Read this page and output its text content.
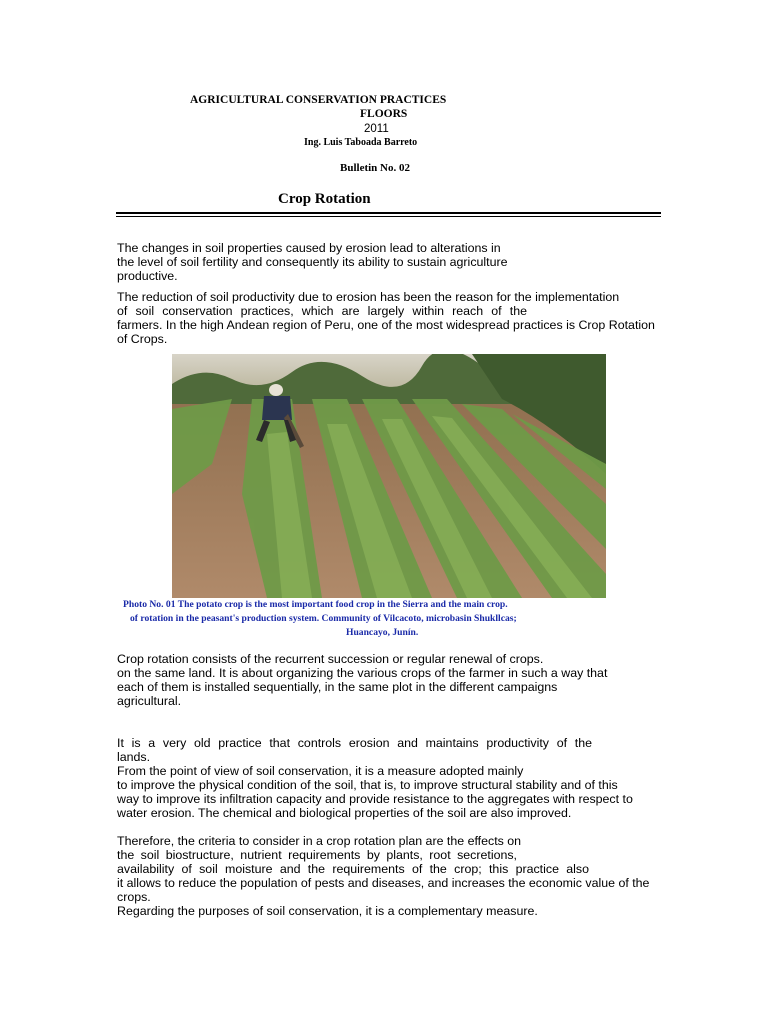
AGRICULTURAL CONSERVATION PRACTICES
FLOORS
2011
Ing. Luis Taboada Barreto
Bulletin No. 02
Crop Rotation
The changes in soil properties caused by erosion lead to alterations in
the level of soil fertility and consequently its ability to sustain agriculture
productive.
The reduction of soil productivity due to erosion has been the reason for the implementation
of soil conservation practices, which are largely within reach of the
farmers. In the high Andean region of Peru, one of the most widespread practices is Crop Rotation
of Crops.
Photo No. 01 The potato crop is the most important food crop in the Sierra and the main crop.
of rotation in the peasant's production system. Community of Vilcacoto, microbasin Shukllcas;
Huancayo, Junín.
Crop rotation consists of the recurrent succession or regular renewal of crops.
on the same land. It is about organizing the various crops of the farmer in such a way that
each of them is installed sequentially, in the same plot in the different campaigns
agricultural.
It is a very old practice that controls erosion and maintains productivity of the
lands.
From the point of view of soil conservation, it is a measure adopted mainly
to improve the physical condition of the soil, that is, to improve structural stability and of this
way to improve its infiltration capacity and provide resistance to the aggregates with respect to
water erosion. The chemical and biological properties of the soil are also improved.
Therefore, the criteria to consider in a crop rotation plan are the effects on
the soil biostructure, nutrient requirements by plants, root secretions,
availability of soil moisture and the requirements of the crop; this practice also
it allows to reduce the population of pests and diseases, and increases the economic value of the
crops.
Regarding the purposes of soil conservation, it is a complementary measure.
